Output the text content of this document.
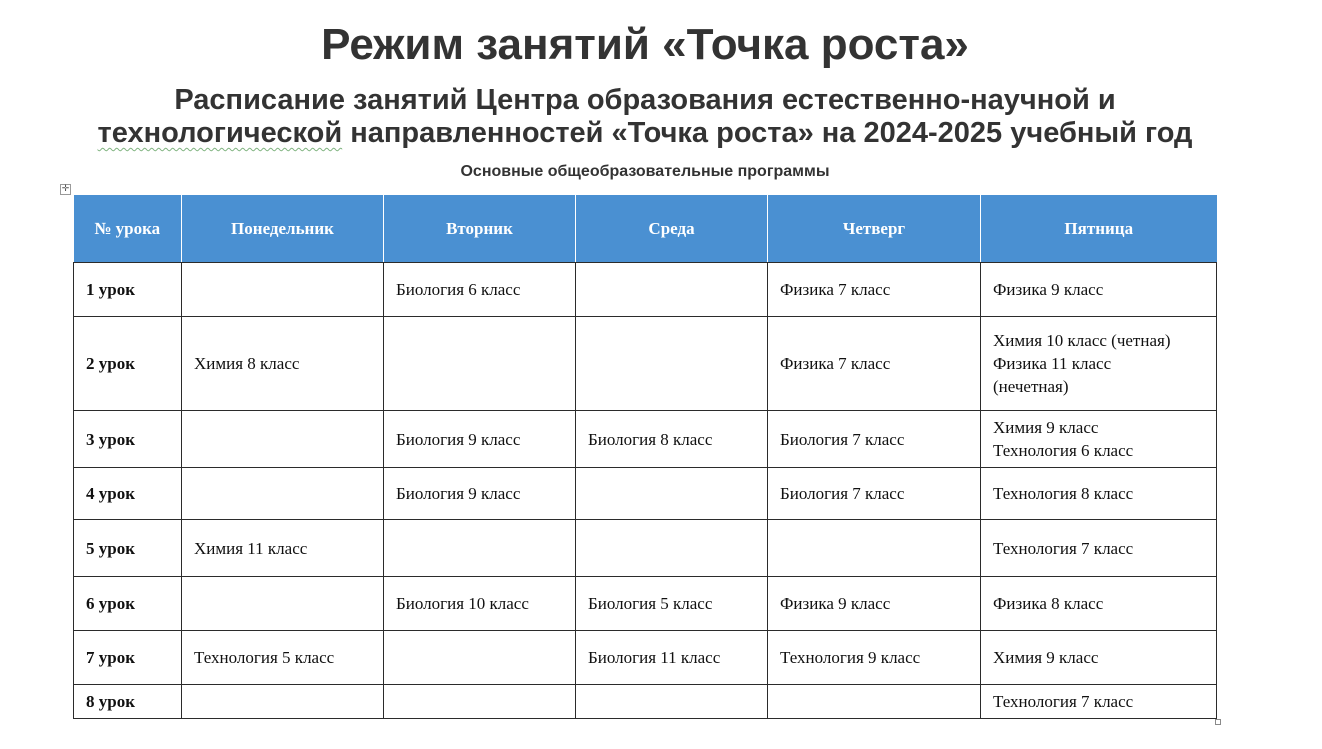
Режим занятий «Точка роста»
Расписание занятий Центра образования естественно-научной и
технологической направленностей «Точка роста» на 2024-2025 учебный год
Основные общеобразовательные программы
✛
№ урока	Понедельник	Вторник	Среда	Четверг	Пятница
1 урок		Биология 6 класс		Физика 7 класс	Физика 9 класс
2 урок	Химия 8 класс			Физика 7 класс	Химия 10 класс (четная)
Физика 11 класс
(нечетная)
3 урок		Биология 9 класс	Биология 8 класс	Биология 7 класс	Химия 9 класс
Технология 6 класс
4 урок		Биология 9 класс		Биология 7 класс	Технология 8 класс
5 урок	Химия 11 класс				Технология 7 класс
6 урок		Биология 10 класс	Биология 5 класс	Физика 9 класс	Физика 8 класс
7 урок	Технология 5 класс		Биология 11 класс	Технология 9 класс	Химия 9 класс
8 урок					Технология 7 класс
